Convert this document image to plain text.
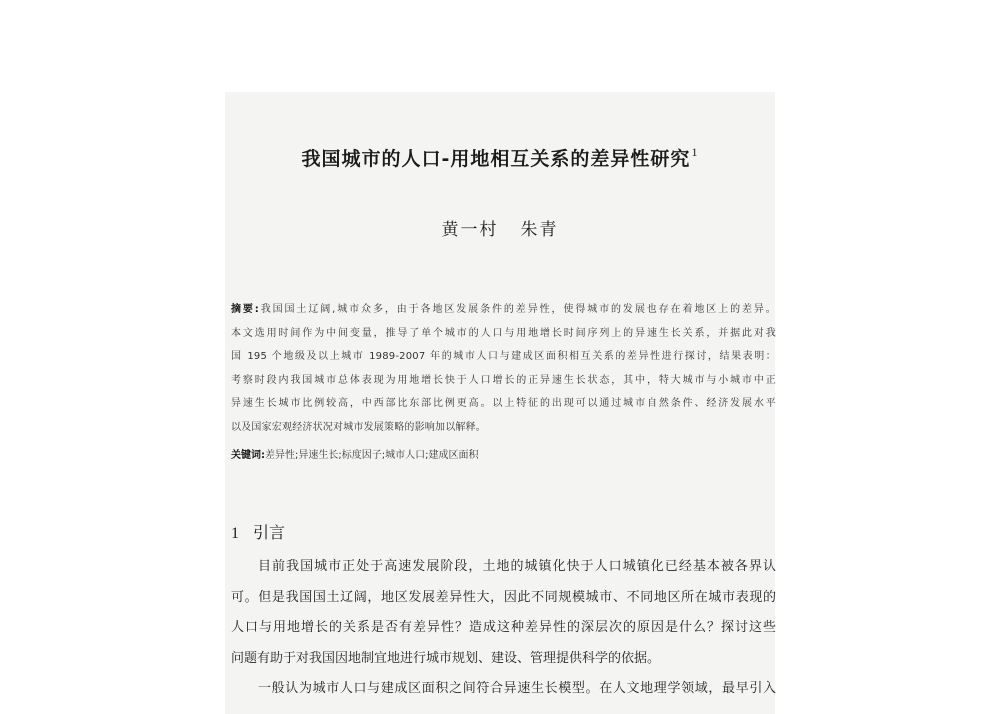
我国城市的人口-用地相互关系的差异性研究$^1$
黄一村 朱青
摘要:我国国土辽阔,城市众多，由于各地区发展条件的差异性，使得城市的发展也存在着地区上的差异。
本文选用时间作为中间变量，推导了单个城市的人口与用地增长时间序列上的异速生长关系，并据此对我
国 195 个地级及以上城市 1989-2007 年的城市人口与建成区面积相互关系的差异性进行探讨，结果表明：
考察时段内我国城市总体表现为用地增长快于人口增长的正异速生长状态，其中，特大城市与小城市中正
异速生长城市比例较高，中西部比东部比例更高。以上特征的出现可以通过城市自然条件、经济发展水平
以及国家宏观经济状况对城市发展策略的影响加以解释。
关键词:差异性;异速生长;标度因子;城市人口;建成区面积
1 引言
目前我国城市正处于高速发展阶段，土地的城镇化快于人口城镇化已经基本被各界认
可。但是我国国土辽阔，地区发展差异性大，因此不同规模城市、不同地区所在城市表现的
人口与用地增长的关系是否有差异性？造成这种差异性的深层次的原因是什么？探讨这些
问题有助于对我国因地制宜地进行城市规划、建设、管理提供科学的依据。
一般认为城市人口与建成区面积之间符合异速生长模型。在人文地理学领域，最早引入
